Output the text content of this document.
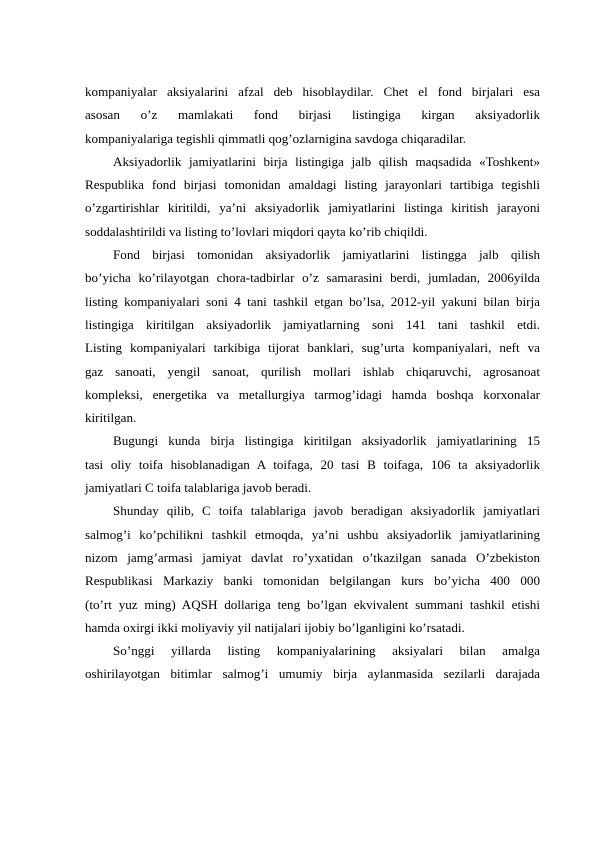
kompaniyalar aksiyalarini afzal deb hisoblaydilar. Chet el fond birjalari esa
asosan o’z mamlakati fond birjasi listingiga kirgan aksiyadorlik
kompaniyalariga tegishli qimmatli qog’ozlarnigina savdoga chiqaradilar.
Aksiyadorlik jamiyatlarini birja listingiga jalb qilish maqsadida «Toshkent»
Respublika fond birjasi tomonidan amaldagi listing jarayonlari tartibiga tegishli
o’zgartirishlar kiritildi, ya’ni aksiyadorlik jamiyatlarini listinga kiritish jarayoni
soddalashtirildi va listing to’lovlari miqdori qayta ko’rib chiqildi.
Fond birjasi tomonidan aksiyadorlik jamiyatlarini listingga jalb qilish
bo’yicha ko’rilayotgan chora-tadbirlar o’z samarasini berdi, jumladan, 2006yilda
listing kompaniyalari soni 4 tani tashkil etgan bo’lsa, 2012-yil yakuni bilan birja
listingiga kiritilgan aksiyadorlik jamiyatlarning soni 141 tani tashkil etdi.
Listing kompaniyalari tarkibiga tijorat banklari, sug’urta kompaniyalari, neft va
gaz sanoati, yengil sanoat, qurilish mollari ishlab chiqaruvchi, agrosanoat
kompleksi, energetika va metallurgiya tarmog’idagi hamda boshqa korxonalar
kiritilgan.
Bugungi kunda birja listingiga kiritilgan aksiyadorlik jamiyatlarining 15
tasi oliy toifa hisoblanadigan A toifaga, 20 tasi B toifaga, 106 ta aksiyadorlik
jamiyatlari C toifa talablariga javob beradi.
Shunday qilib, C toifa talablariga javob beradigan aksiyadorlik jamiyatlari
salmog’i ko’pchilikni tashkil etmoqda, ya’ni ushbu aksiyadorlik jamiyatlarining
nizom jamg’armasi jamiyat davlat ro’yxatidan o’tkazilgan sanada O’zbekiston
Respublikasi Markaziy banki tomonidan belgilangan kurs bo’yicha 400 000
(to’rt yuz ming) AQSH dollariga teng bo’lgan ekvivalent summani tashkil etishi
hamda oxirgi ikki moliyaviy yil natijalari ijobiy bo’lganligini ko’rsatadi.
So’nggi yillarda listing kompaniyalarining aksiyalari bilan amalga
oshirilayotgan bitimlar salmog’i umumiy birja aylanmasida sezilarli darajada
